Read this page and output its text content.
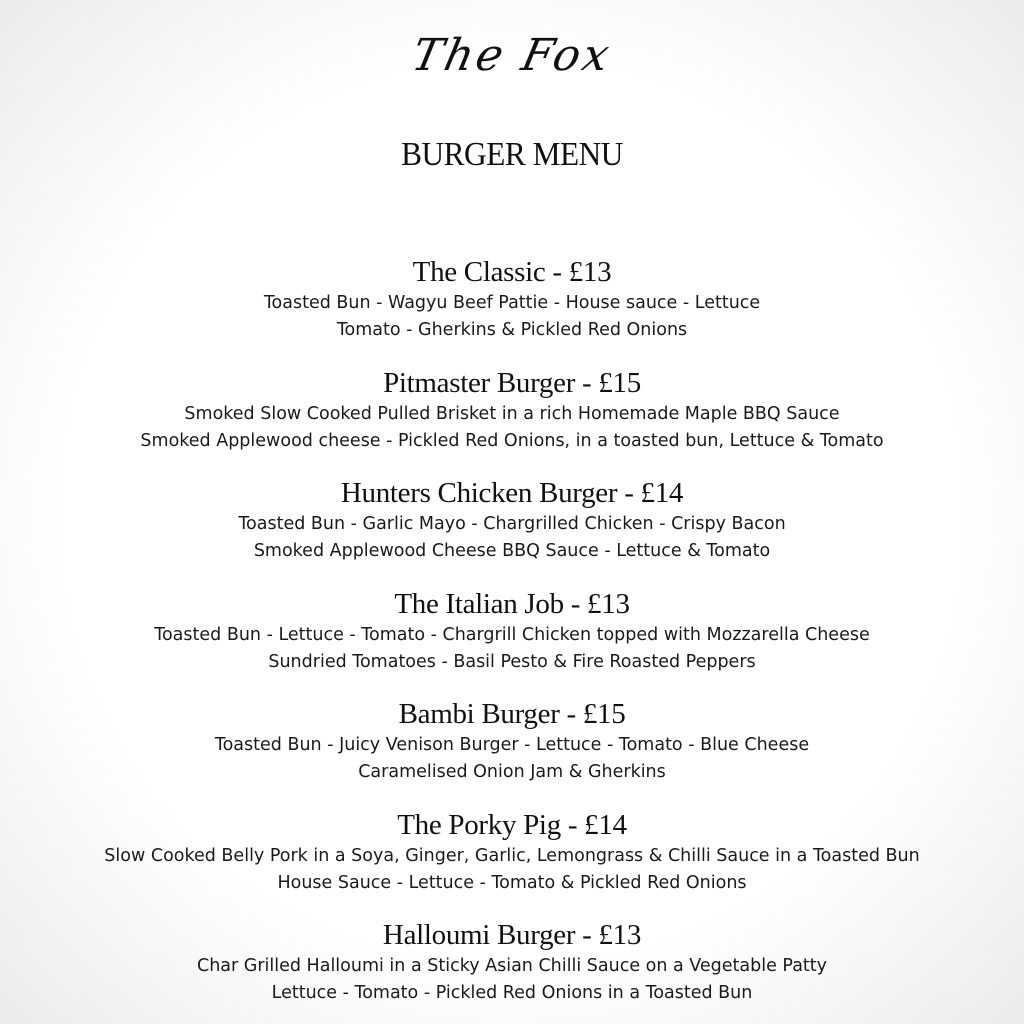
The Fox
BURGER MENU
The Classic - £13
Toasted Bun - Wagyu Beef Pattie - House sauce - Lettuce
Tomato - Gherkins & Pickled Red Onions
Pitmaster Burger - £15
Smoked Slow Cooked Pulled Brisket in a rich Homemade Maple BBQ Sauce
Smoked Applewood cheese - Pickled Red Onions, in a toasted bun, Lettuce & Tomato
Hunters Chicken Burger - £14
Toasted Bun - Garlic Mayo - Chargrilled Chicken - Crispy Bacon
Smoked Applewood Cheese BBQ Sauce - Lettuce & Tomato
The Italian Job - £13
Toasted Bun - Lettuce - Tomato - Chargrill Chicken topped with Mozzarella Cheese
Sundried Tomatoes - Basil Pesto & Fire Roasted Peppers
Bambi Burger - £15
Toasted Bun - Juicy Venison Burger - Lettuce - Tomato - Blue Cheese
Caramelised Onion Jam & Gherkins
The Porky Pig - £14
Slow Cooked Belly Pork in a Soya, Ginger, Garlic, Lemongrass & Chilli Sauce in a Toasted Bun
House Sauce - Lettuce - Tomato & Pickled Red Onions
Halloumi Burger - £13
Char Grilled Halloumi in a Sticky Asian Chilli Sauce on a Vegetable Patty
Lettuce - Tomato - Pickled Red Onions in a Toasted Bun
